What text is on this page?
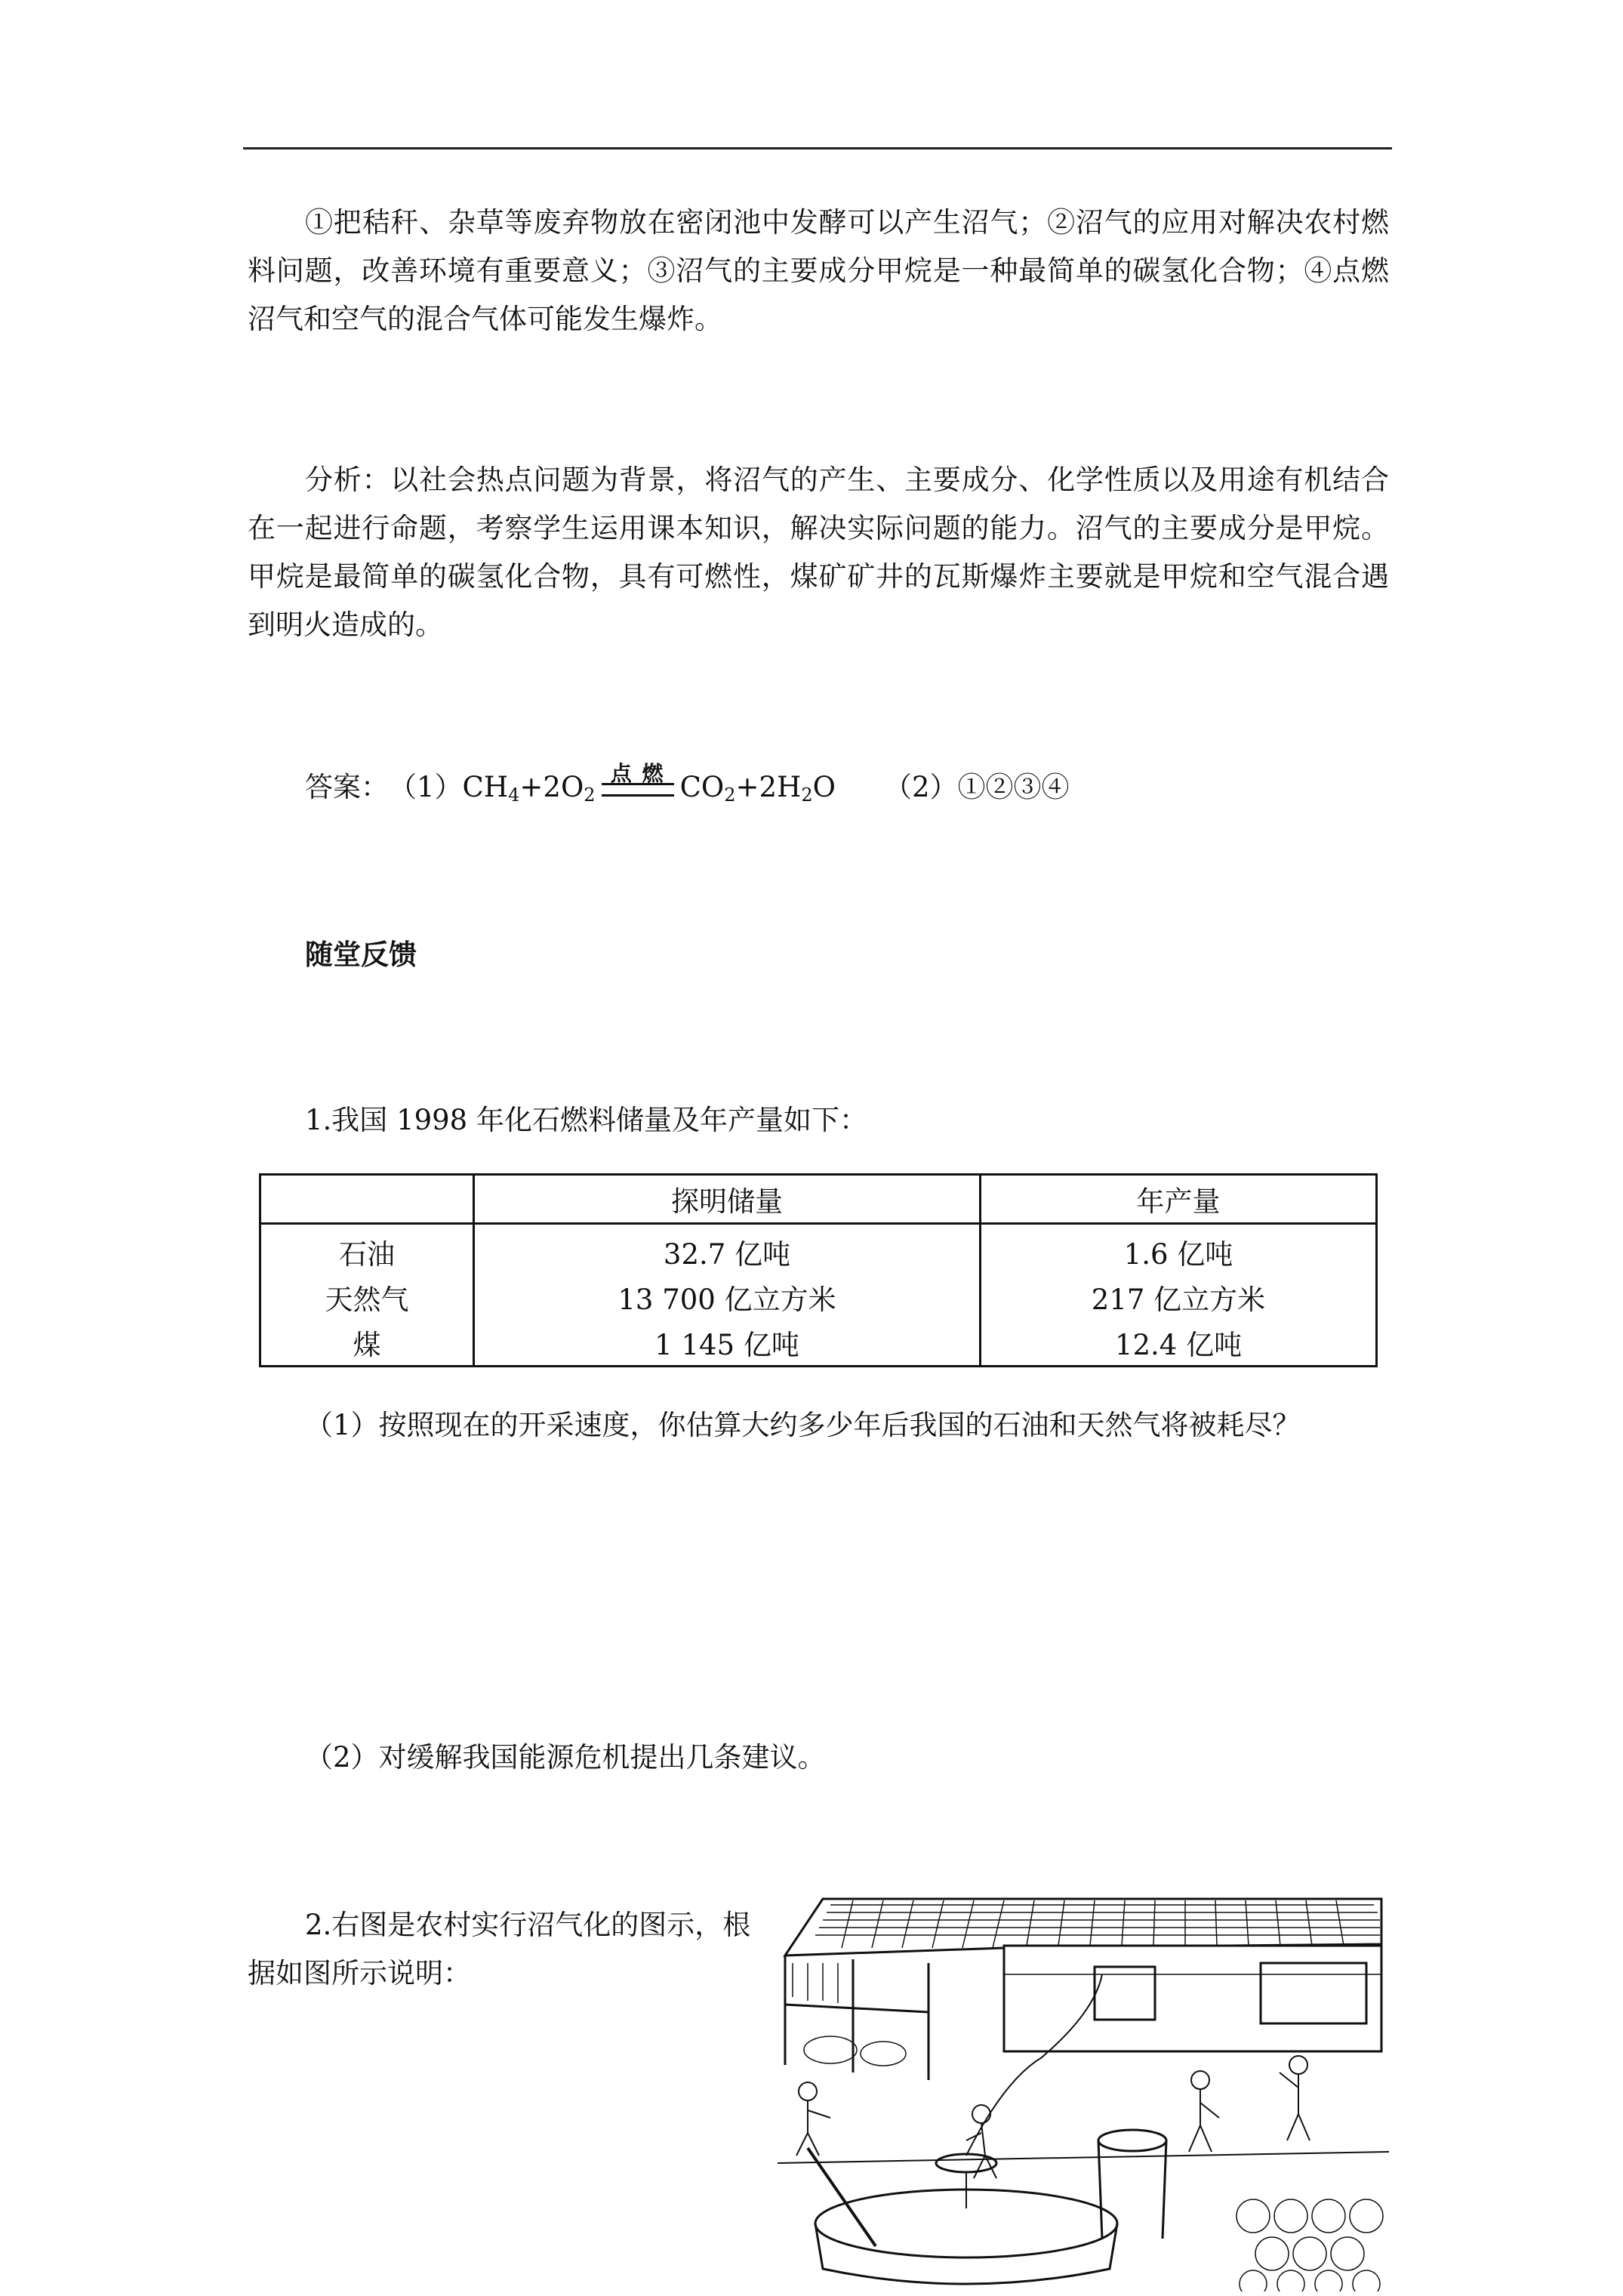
①把秸秆、杂草等废弃物放在密闭池中发酵可以产生沼气；②沼气的应用对解决农村燃料问题，改善环境有重要意义；③沼气的主要成分甲烷是一种最简单的碳氢化合物；④点燃沼气和空气的混合气体可能发生爆炸。

分析：以社会热点问题为背景，将沼气的产生、主要成分、化学性质以及用途有机结合在一起进行命题，考察学生运用课本知识，解决实际问题的能力。沼气的主要成分是甲烷。甲烷是最简单的碳氢化合物，具有可燃性，煤矿矿井的瓦斯爆炸主要就是甲烷和空气混合遇到明火造成的。

答案： （1） $CH_4+2O_2$
点 燃 $CO_2+2H_2O$ （2）①②③④
随堂反馈
1.我国 1998 年化石燃料储量及年产量如下：
	探明储量	年产量
石油	32.7 亿吨	1.6 亿吨
天然气	13 700 亿立方米	217 亿立方米
煤	1 145 亿吨	12.4 亿吨
（1）按照现在的开采速度，你估算大约多少年后我国的石油和天然气将被耗尽？
（2）对缓解我国能源危机提出几条建议。
2.右图是农村实行沼气化的图示，根
据如图所示说明：
